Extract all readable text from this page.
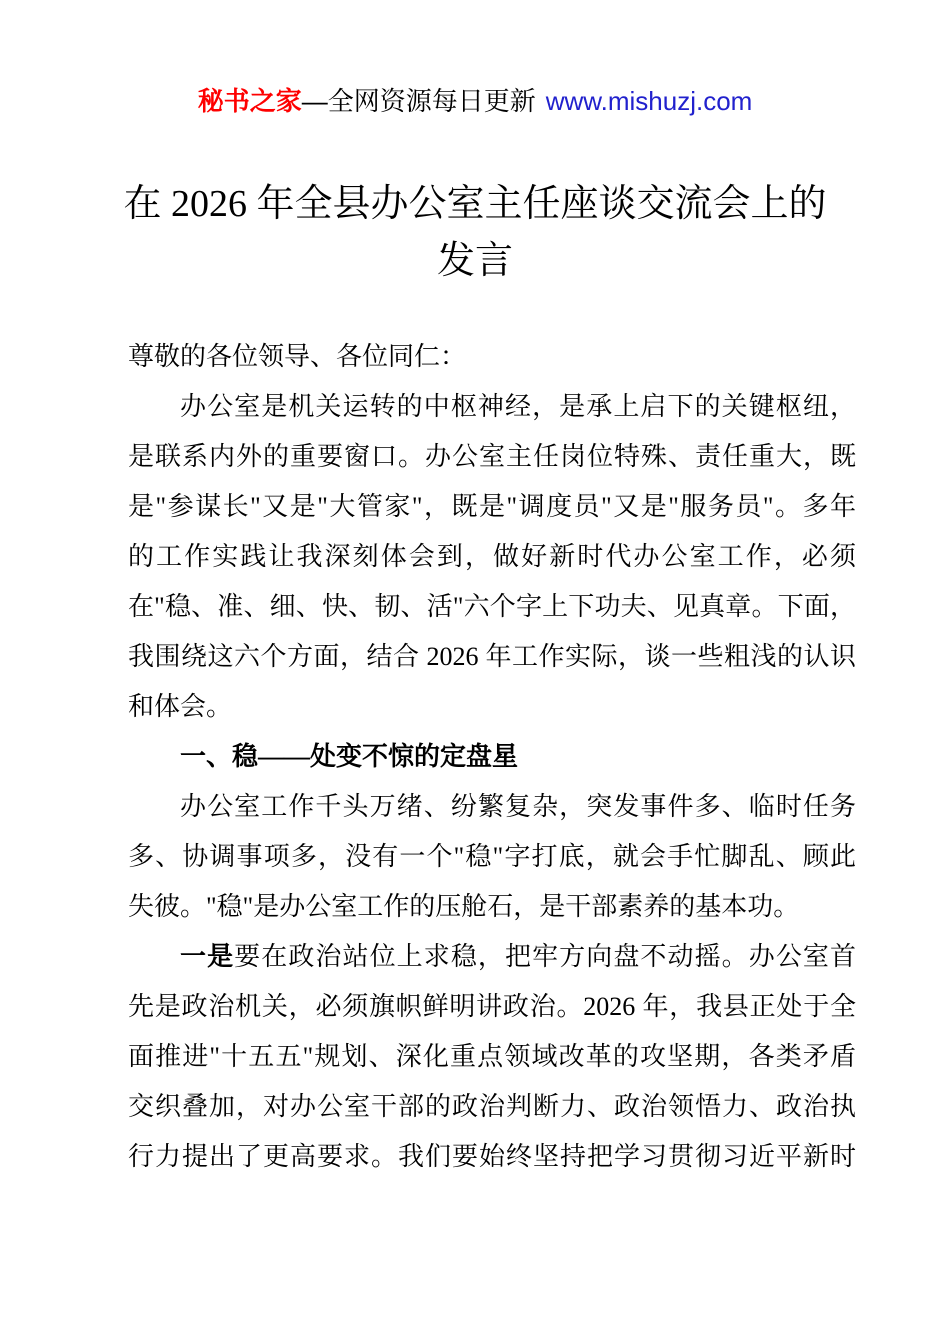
秘书之家—全网资源每日更新 www.mishuzj.com
在 2026 年全县办公室主任座谈交流会上的
发言
尊敬的各位领导、各位同仁：
办公室是机关运转的中枢神经，是承上启下的关键枢纽，
是联系内外的重要窗口。办公室主任岗位特殊、责任重大，既
是"参谋长"又是"大管家"，既是"调度员"又是"服务员"。多年
的工作实践让我深刻体会到，做好新时代办公室工作，必须
在"稳、准、细、快、韧、活"六个字上下功夫、见真章。下面，
我围绕这六个方面，结合 2026 年工作实际，谈一些粗浅的认识
和体会。
一、稳——处变不惊的定盘星
办公室工作千头万绪、纷繁复杂，突发事件多、临时任务
多、协调事项多，没有一个"稳"字打底，就会手忙脚乱、顾此
失彼。"稳"是办公室工作的压舱石，是干部素养的基本功。
一是要在政治站位上求稳，把牢方向盘不动摇。办公室首
先是政治机关，必须旗帜鲜明讲政治。2026 年，我县正处于全
面推进"十五五"规划、深化重点领域改革的攻坚期，各类矛盾
交织叠加，对办公室干部的政治判断力、政治领悟力、政治执
行力提出了更高要求。我们要始终坚持把学习贯彻习近平新时
